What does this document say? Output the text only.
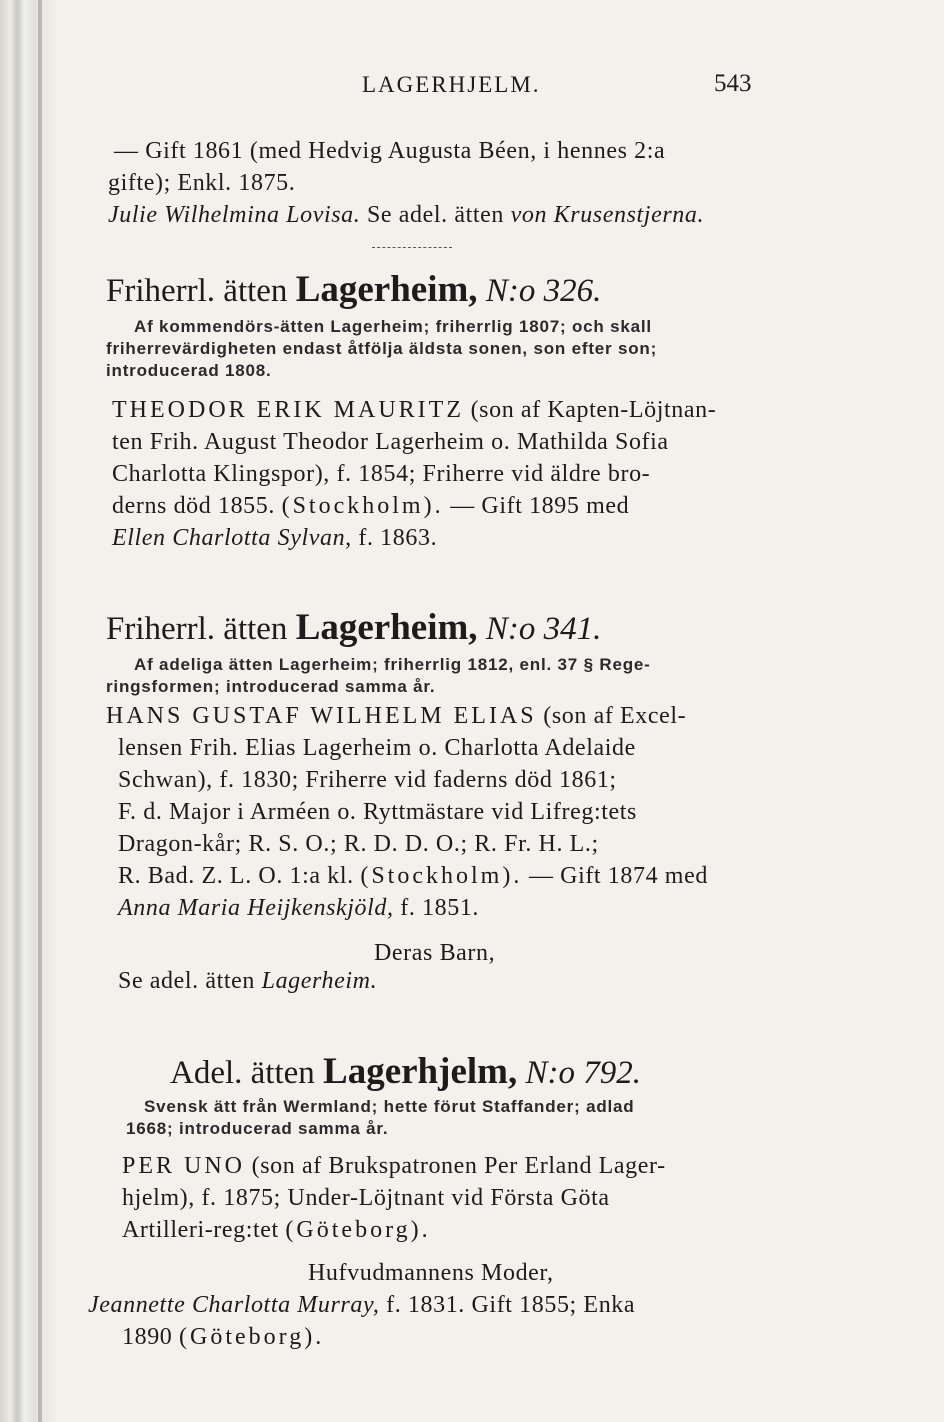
LAGERHJELM.	543
— Gift 1861 (med Hedvig Augusta Béen, i hennes 2:a
gifte); Enkl. 1875.
Julie Wilhelmina Lovisa. Se adel. ätten von Krusenstjerna.
Friherrl. ätten Lagerheim, N:o 326.
Af kommendörs-ätten Lagerheim; friherrlig 1807; och skall
friherrevärdigheten endast åtfölja äldsta sonen, son efter son;
introducerad 1808.
THEODOR ERIK MAURITZ (son af Kapten-Löjtnan-
ten Frih. August Theodor Lagerheim o. Mathilda Sofia
Charlotta Klingspor), f. 1854; Friherre vid äldre bro-
derns död 1855. (Stockholm). — Gift 1895 med
Ellen Charlotta Sylvan, f. 1863.
Friherrl. ätten Lagerheim, N:o 341.
Af adeliga ätten Lagerheim; friherrlig 1812, enl. 37 § Rege-
ringsformen; introducerad samma år.
HANS GUSTAF WILHELM ELIAS (son af Excel-
lensen Frih. Elias Lagerheim o. Charlotta Adelaide
Schwan), f. 1830; Friherre vid faderns död 1861;
F. d. Major i Arméen o. Ryttmästare vid Lifreg:tets
Dragon-kår; R. S. O.; R. D. D. O.; R. Fr. H. L.;
R. Bad. Z. L. O. 1:a kl. (Stockholm). — Gift 1874 med
Anna Maria Heijkenskjöld, f. 1851.
Deras Barn,
Se adel. ätten Lagerheim.
Adel. ätten Lagerhjelm, N:o 792.
Svensk ätt från Wermland; hette förut Staffander; adlad
1668; introducerad samma år.
PER UNO (son af Brukspatronen Per Erland Lager-
hjelm), f. 1875; Under-Löjtnant vid Första Göta
Artilleri-reg:tet (Göteborg).
Hufvudmannens Moder,
Jeannette Charlotta Murray, f. 1831. Gift 1855; Enka
1890 (Göteborg).
